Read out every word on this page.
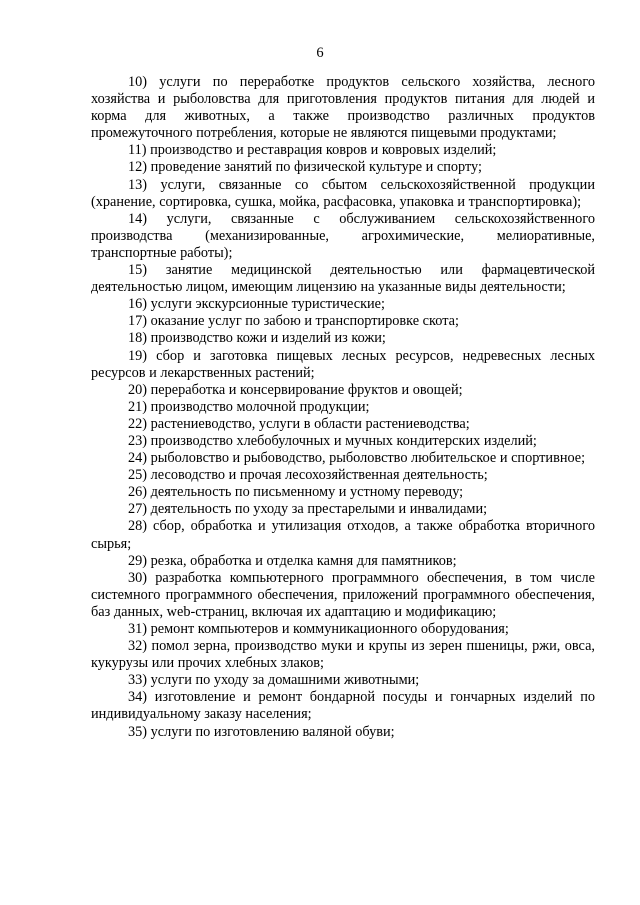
6

10) услуги по переработке продуктов сельского хозяйства, лесного хозяйства и рыболовства для приготовления продуктов питания для людей и корма для животных, а также производство различных продуктов промежуточного потребления, которые не являются пищевыми продуктами;

11) производство и реставрация ковров и ковровых изделий;

12) проведение занятий по физической культуре и спорту;

13) услуги, связанные со сбытом сельскохозяйственной продукции (хранение, сортировка, сушка, мойка, расфасовка, упаковка и транспортировка);

14) услуги, связанные с обслуживанием сельскохозяйственного производства (механизированные, агрохимические, мелиоративные, транспортные работы);

15) занятие медицинской деятельностью или фармацевтической деятельностью лицом, имеющим лицензию на указанные виды деятельности;

16) услуги экскурсионные туристические;

17) оказание услуг по забою и транспортировке скота;

18) производство кожи и изделий из кожи;

19) сбор и заготовка пищевых лесных ресурсов, недревесных лесных ресурсов и лекарственных растений;

20) переработка и консервирование фруктов и овощей;

21) производство молочной продукции;

22) растениеводство, услуги в области растениеводства;

23) производство хлебобулочных и мучных кондитерских изделий;

24) рыболовство и рыбоводство, рыболовство любительское и спортивное;

25) лесоводство и прочая лесохозяйственная деятельность;

26) деятельность по письменному и устному переводу;

27) деятельность по уходу за престарелыми и инвалидами;

28) сбор, обработка и утилизация отходов, а также обработка вторичного сырья;

29) резка, обработка и отделка камня для памятников;

30) разработка компьютерного программного обеспечения, в том числе системного программного обеспечения, приложений программного обеспечения, баз данных, web-страниц, включая их адаптацию и модификацию;

31) ремонт компьютеров и коммуникационного оборудования;

32) помол зерна, производство муки и крупы из зерен пшеницы, ржи, овса, кукурузы или прочих хлебных злаков;

33) услуги по уходу за домашними животными;

34) изготовление и ремонт бондарной посуды и гончарных изделий по индивидуальному заказу населения;

35) услуги по изготовлению валяной обуви;
